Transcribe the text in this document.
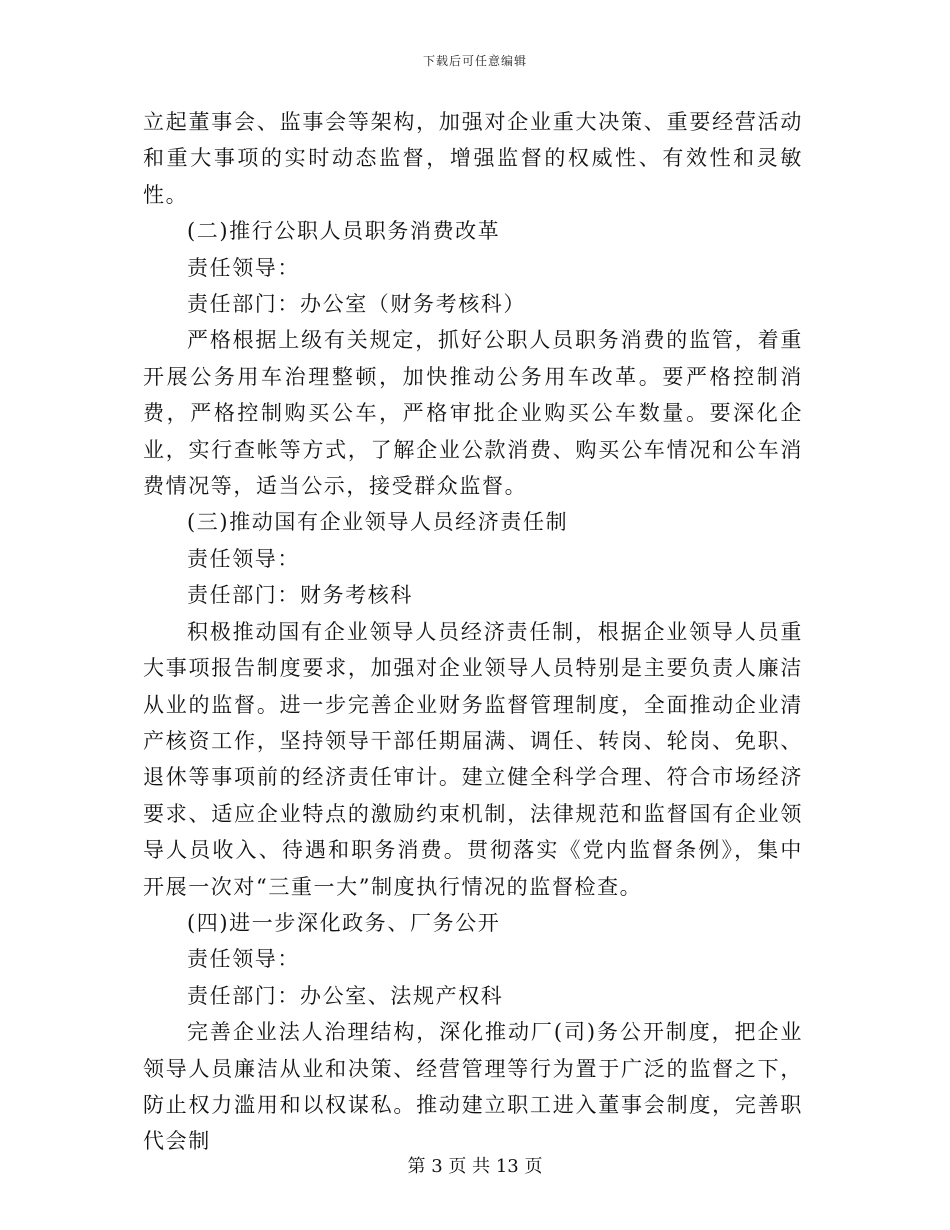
下载后可任意编辑

立起董事会、监事会等架构，加强对企业重大决策、重要经营活动和重大事项的实时动态监督，增强监督的权威性、有效性和灵敏性。

(二)推行公职人员职务消费改革

责任领导：

责任部门：办公室（财务考核科）

严格根据上级有关规定，抓好公职人员职务消费的监管，着重开展公务用车治理整顿，加快推动公务用车改革。要严格控制消费，严格控制购买公车，严格审批企业购买公车数量。要深化企业，实行查帐等方式，了解企业公款消费、购买公车情况和公车消费情况等，适当公示，接受群众监督。

(三)推动国有企业领导人员经济责任制

责任领导：

责任部门：财务考核科

积极推动国有企业领导人员经济责任制，根据企业领导人员重大事项报告制度要求，加强对企业领导人员特别是主要负责人廉洁从业的监督。进一步完善企业财务监督管理制度，全面推动企业清产核资工作，坚持领导干部任期届满、调任、转岗、轮岗、免职、退休等事项前的经济责任审计。建立健全科学合理、符合市场经济要求、适应企业特点的激励约束机制，法律规范和监督国有企业领导人员收入、待遇和职务消费。贯彻落实《党内监督条例》，集中开展一次对“三重一大”制度执行情况的监督检查。

(四)进一步深化政务、厂务公开

责任领导：

责任部门：办公室、法规产权科

完善企业法人治理结构，深化推动厂(司)务公开制度，把企业领导人员廉洁从业和决策、经营管理等行为置于广泛的监督之下，防止权力滥用和以权谋私。推动建立职工进入董事会制度，完善职代会制

第 3 页 共 13 页
